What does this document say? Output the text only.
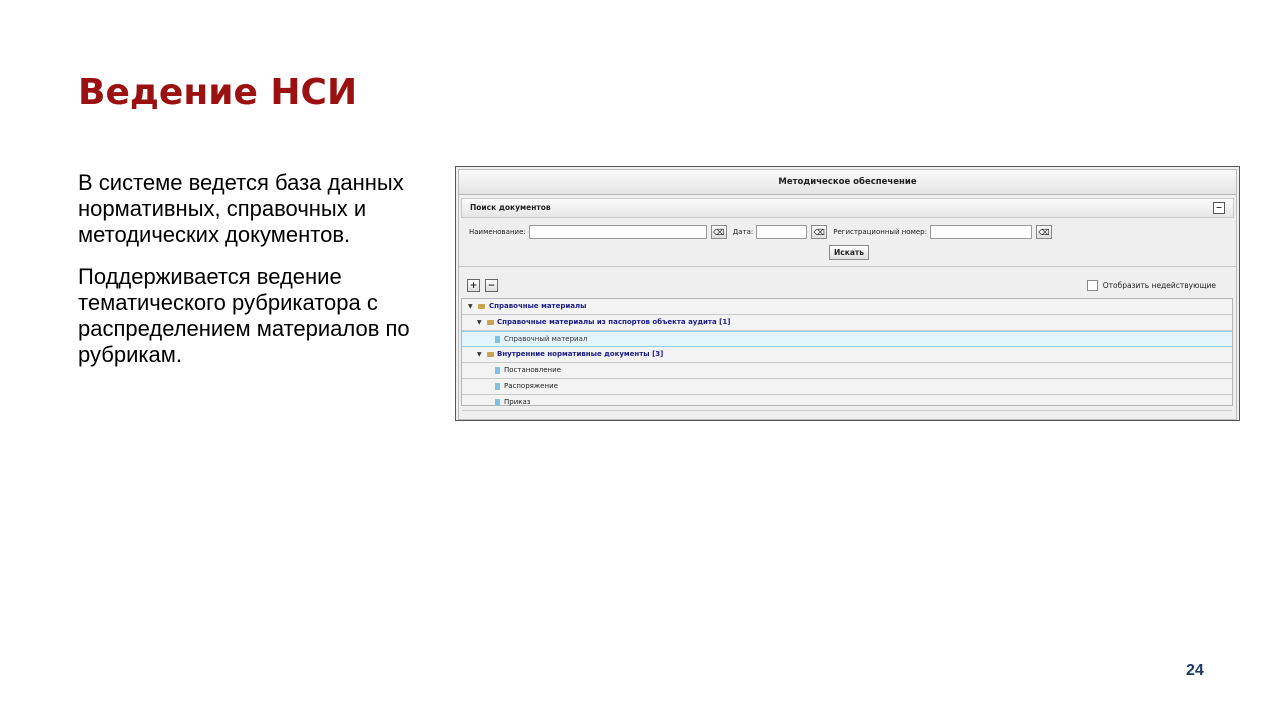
Ведение НСИ

В системе ведется база данных нормативных, справочных и методических документов.

Поддерживается ведение тематического рубрикатора с распределением материалов по рубрикам.

24
Методическое обеспечение
Поиск документов	−
Наименование:	⌫	Дата:	⌫	Регистрационный номер:	⌫
Искать
+	−	Отобразить недействующие
▼ Справочные материалы
▼ Справочные материалы из паспортов объекта аудита [1]
Справочный материал
▼ Внутренние нормативные документы [3]
Постановление
Распоряжение
Приказ
